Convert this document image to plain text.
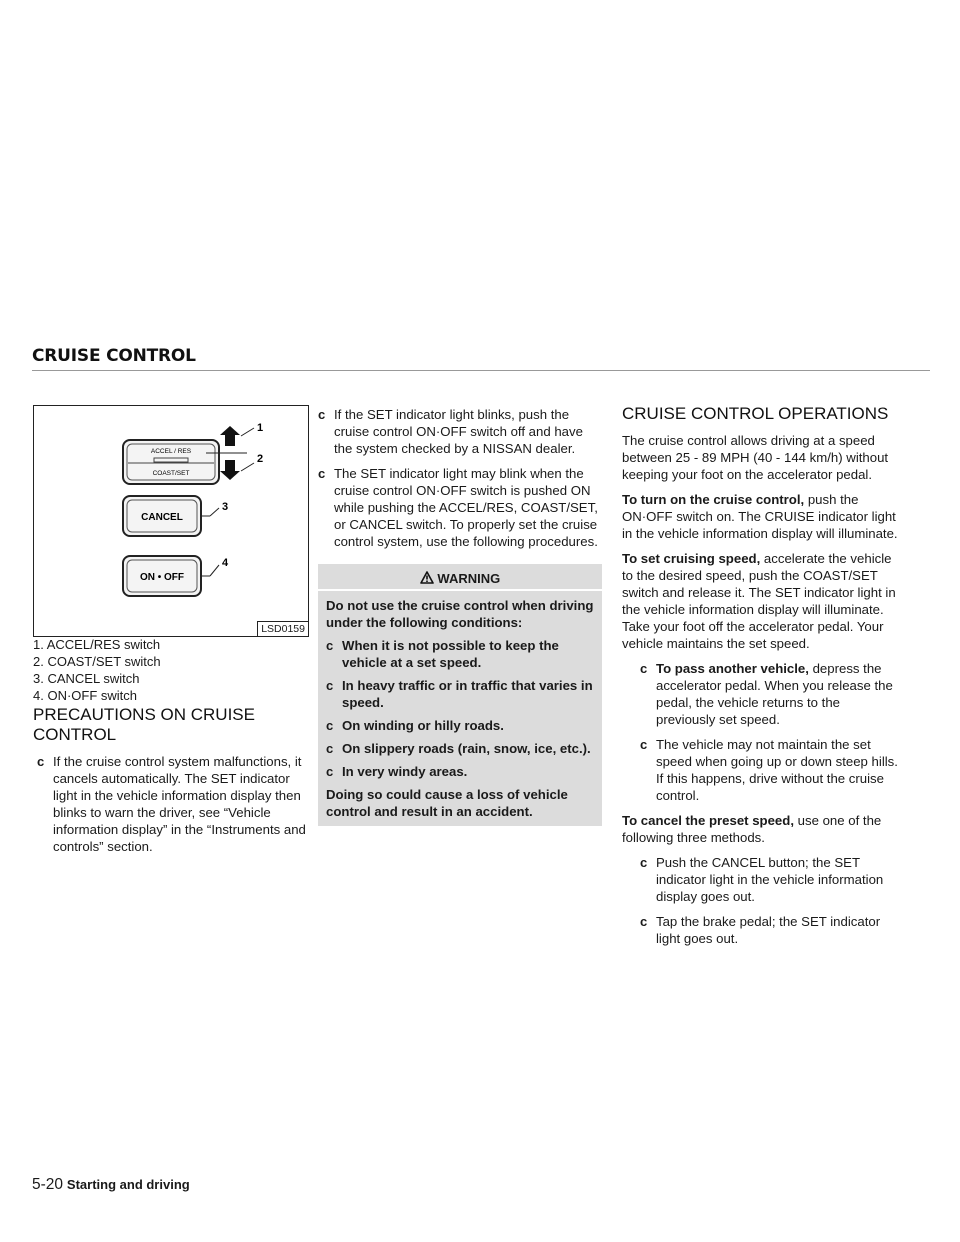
CRUISE CONTROL
ACCEL / RES
COAST/SET
1
2
CANCEL
3
ON • OFF
4
LSD0159
1. ACCEL/RES switch
2. COAST/SET switch
3. CANCEL switch
4. ON·OFF switch
PRECAUTIONS ON CRUISE CONTROL
c If the cruise control system malfunctions, it cancels automatically. The SET indicator light in the vehicle information display then blinks to warn the driver, see “Vehicle information display” in the “Instruments and controls” section.
c If the SET indicator light blinks, push the cruise control ON·OFF switch off and have the system checked by a NISSAN dealer.
c The SET indicator light may blink when the cruise control ON·OFF switch is pushed ON while pushing the ACCEL/RES, COAST/SET, or CANCEL switch. To properly set the cruise control system, use the following procedures.
WARNING

Do not use the cruise control when driving under the following conditions:

c When it is not possible to keep the vehicle at a set speed.
c In heavy traffic or in traffic that varies in speed.
c On winding or hilly roads.
c On slippery roads (rain, snow, ice, etc.).
c In very windy areas.

Doing so could cause a loss of vehicle control and result in an accident.

CRUISE CONTROL OPERATIONS

The cruise control allows driving at a speed between 25 - 89 MPH (40 - 144 km/h) without keeping your foot on the accelerator pedal.

To turn on the cruise control, push the ON·OFF switch on. The CRUISE indicator light in the vehicle information display will illuminate.

To set cruising speed, accelerate the vehicle to the desired speed, push the COAST/SET switch and release it. The SET indicator light in the vehicle information display will illuminate. Take your foot off the accelerator pedal. Your vehicle maintains the set speed.

c To pass another vehicle, depress the accelerator pedal. When you release the pedal, the vehicle returns to the previously set speed.
c The vehicle may not maintain the set speed when going up or down steep hills. If this happens, drive without the cruise control.

To cancel the preset speed, use one of the following three methods.

c Push the CANCEL button; the SET indicator light in the vehicle information display goes out.
c Tap the brake pedal; the SET indicator light goes out.
5-20 Starting and driving
